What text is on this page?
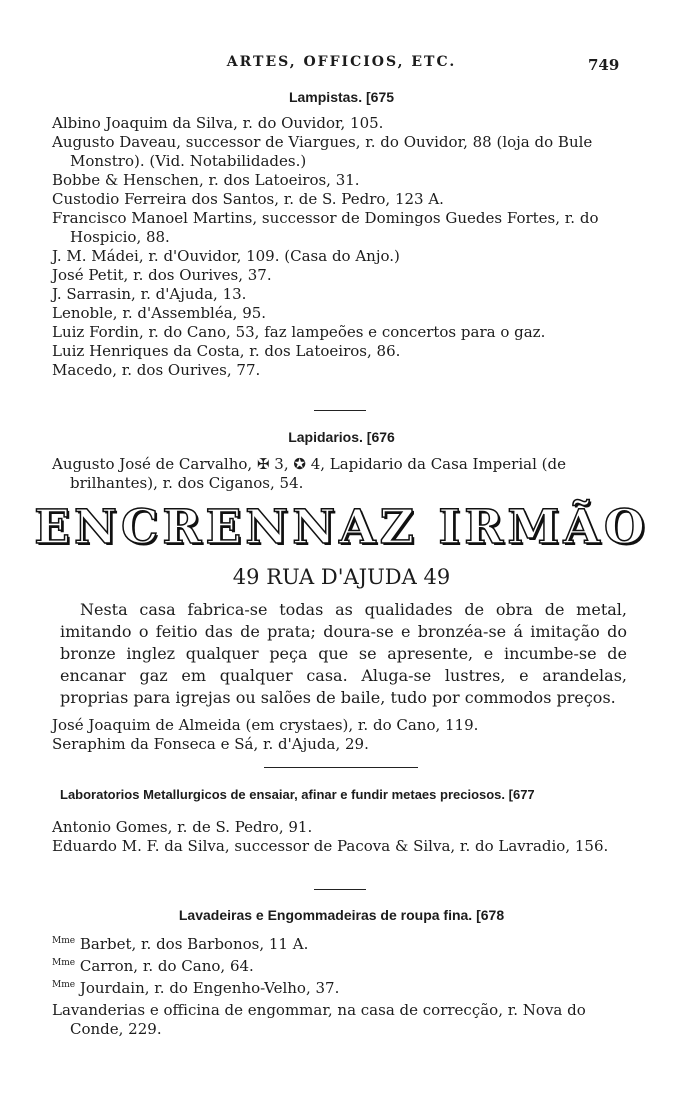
ARTES, OFFICIOS, ETC.	749
Lampistas. [675
Albino Joaquim da Silva, r. do Ouvidor, 105.
Augusto Daveau, successor de Viargues, r. do Ouvidor, 88 (loja do Bule Monstro). (Vid. Notabilidades.)
Bobbe & Henschen, r. dos Latoeiros, 31.
Custodio Ferreira dos Santos, r. de S. Pedro, 123 A.
Francisco Manoel Martins, successor de Domingos Guedes Fortes, r. do Hospicio, 88.
J. M. Mádei, r. d'Ouvidor, 109. (Casa do Anjo.)
José Petit, r. dos Ourives, 37.
J. Sarrasin, r. d'Ajuda, 13.
Lenoble, r. d'Assembléa, 95.
Luiz Fordin, r. do Cano, 53, faz lampeões e concertos para o gaz.
Luiz Henriques da Costa, r. dos Latoeiros, 86.
Macedo, r. dos Ourives, 77.
Lapidarios. [676
Augusto José de Carvalho, ✠ 3, ✪ 4, Lapidario da Casa Imperial (de brilhantes), r. dos Ciganos, 54.
ENCRENNAZ IRMÃO
49 RUA D'AJUDA 49
Nesta casa fabrica-se todas as qualidades de obra de metal, imitando o feitio das de prata; doura-se e bronzéa-se á imitação do bronze inglez qualquer peça que se apresente, e incumbe-se de encanar gaz em qualquer casa. Aluga-se lustres, e arandelas, proprias para igrejas ou salões de baile, tudo por commodos preços.
José Joaquim de Almeida (em crystaes), r. do Cano, 119.
Seraphim da Fonseca e Sá, r. d'Ajuda, 29.
Laboratorios Metallurgicos de ensaiar, afinar e fundir metaes preciosos. [677
Antonio Gomes, r. de S. Pedro, 91.
Eduardo M. F. da Silva, successor de Pacova & Silva, r. do Lavradio, 156.
Lavadeiras e Engommadeiras de roupa fina. [678
$^{Mme}$ Barbet, r. dos Barbonos, 11 A.
$^{Mme}$ Carron, r. do Cano, 64.
$^{Mme}$ Jourdain, r. do Engenho-Velho, 37.
Lavanderias e officina de engommar, na casa de correcção, r. Nova do Conde, 229.
